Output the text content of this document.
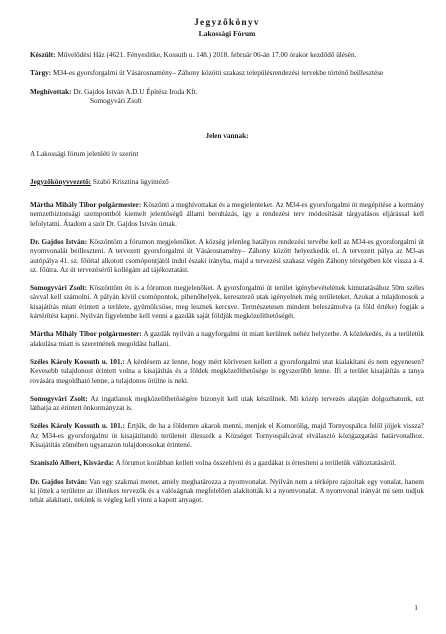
Jegyzőkönyv
Lakossági Fórum

Készült: Művelődési Ház (4621. Fényeslitke, Kossuth u. 148.) 2018. február 06-án 17.00 órakor kezdődő ülésén.

Tárgy: M34-es gyorsforgalmi út Vásárosnamény– Záhony közötti szakasz településrendezési tervekbe történő beillesztése

Meghívottak: Dr. Gajdos István A.D.U Építész Iroda Kft.

Somogyvári Zsolt

Jelen vannak:

A Lakossági fórum jelenléti ív szerint

Jegyzőkönyvvezető: Szabó Krisztina ügyintéző

Mártha Mihály Tibor polgármester: Köszönti a meghívottakat és a megjelenteket. Az M34-es gyorsforgalmi út megépítése a kormány nemzetbiztonsági szempontból kiemelt jelentőségű állami beruházás, így a rendezési terv módosítását tárgyalásos eljárással kell lefolytatni. Átadom a szót Dr. Gajdos István úrnak.

Dr. Gajdos István: Köszöntöm a fórumon megjelenőket. A község jelenleg hatályos rendezési tervébe kell az M34-es gyorsforgalmi út nyomvonalát beilleszteni. A tervezett gyorsforgalmi út Vásárosnamény– Záhony között helyezkedik el. A tervezett pálya az M3-as autópálya 41. sz. főúttal alkotott csomópontjától indul északi irányba, majd a tervezési szakasz végén Záhony térségében köt vissza a 4. sz. főútra. Az út tervezéséről kollégám ad tájékoztatást.

Somogyvári Zsolt: Köszöntöm én is a fórumon megjelenőket. A gyorsforgalmi út terület igénybevételének kimutatásához 50m széles sávval kell számolni. A pályán kívül csomópontok, pihenőhelyek, keresztező utak igényelnek még területeket. Azokat a tulajdonosok a kisajátítás miatt érintett a területe, gyümölcsöse, meg lesznek kercsve. Természetesen mindent beleszámolva (a föld értéke) fogják a kártérítést kapni. Nyilván figyelembe kell venni a gazdák saját földjük megközelíthetőségét.

Mártha Mihály Tibor polgármester: A gazdák nyilván a nagyforgalmi út miatt kerülnek nehéz helyzetbe. A közlekedés, és a területük alakulása miatt is szeretnének megoldást hallani.

Széles Károly Kossuth u. 101.: A kérdésem az lenne, hogy mért körívesen kellett a gyorsforgalmi utat kialakítani és nem egyenesen? Kevesebb tulajdonost érintett volna a kisajátítás és a földek megközelíthetősége is egyszerűbb lenne. Ifi a terület kisajátítás a tanya rovására megoldható lenne, a tulajdonos örülne is neki.

Somogyvári Zsolt: Az ingatlanok megközelíthetőségére bizonyít kell utak készülnek. Mi közép tervezés alapján dolgozhatunk, ezt láthatja az érintett önkormányzat is.

Széles Károly Kossuth u. 101.: Értjük, de ha a földemre akarok menni, menjek el Komorólig, majd Tornyospálca felől jöjjek vissza? Az M34-es gyorsforgalmi út kisajátítandó területeit illesszék a Községet Tornyospálcával elválasztó közigazgatási határvonalhoz. Kisajátítás zömében ugyanazon tulajdonosokat érintené.

Szaniszló Albert, Kisvárda: A fórumot korábban kellett volna összehívni és a gazdákat is értesíteni a területük változtatásáról.

Dr. Gajdos István: Van egy szakmai menet, amely meghatározza a nyomvonalat. Nyilván nem a térképre rajzoltak egy vonalat, hanem ki jöttek a területre az illetékes tervezők és a valóságnak megfelelően alakították ki a nyomvonalat. A nyomvonal irányát mi sem tudjuk tehát alakítani, nekünk is végleg kell vinni a kapott anyagot.

1
